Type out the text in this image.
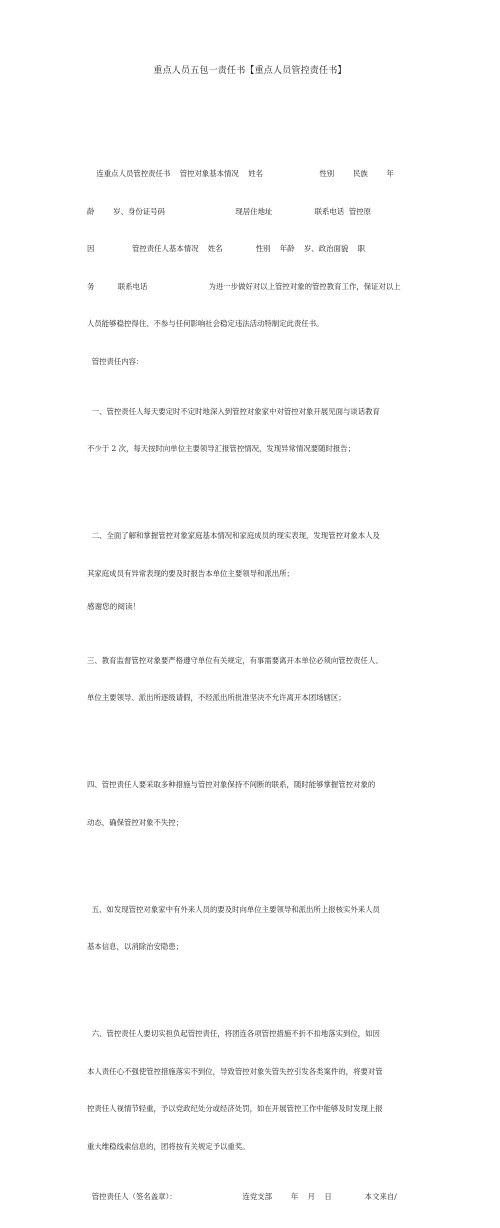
重点人员五包一责任书【重点人员管控责任书】

连重点人员管控责任书    管控对象基本情况    姓名                        性别        民族        年

龄        岁、身份证号码                              现居住地址                  联系电话  管控原

因                管控责任人基本情况    姓名              性别    年龄    岁、政治面貌    职

务          联系电话                          为进一步做好对以上管控对象的管控教育工作，保证对以上

人员能够稳控得住、不参与任何影响社会稳定违法活动特制定此责任书。

管控责任内容：

一、管控责任人每天要定时不定时地深入到管控对象家中对管控对象开展见面与谈话教育

不少于 2 次，每天按时向单位主要领导汇报管控情况，发现异常情况要随时报告；

二、全面了解和掌握管控对象家庭基本情况和家庭成员的现实表现，发现管控对象本人及

其家庭成员有异常表现的要及时报告本单位主要领导和派出所；

三、教育监督管控对象要严格遵守单位有关规定，有事需要离开本单位必须向管控责任人、

单位主要领导、派出所逐级请假，不经派出所批准坚决不允许离开本团场辖区；

四、管控责任人要采取多种措施与管控对象保持不间断的联系，随时能够掌握管控对象的

动态，确保管控对象不失控；

五、如发现管控对象家中有外来人员的要及时向单位主要领导和派出所上报核实外来人员

基本信息，以消除治安隐患；

六、管控责任人要切实担负起管控责任，将团连各项管控措施不折不扣地落实到位，如因

本人责任心不强使管控措施落实不到位，导致管控对象失管失控引发各类案件的，将要对管

控责任人视情节轻重，予以党政纪处分或经济处罚，如在开展管控工作中能够及时发现上报

重大维稳线索信息的，团将按有关规定予以重奖。

管控责任人（签名盖章）：                            连党支部        年    月    日              本文来自/

感谢您的阅读！
